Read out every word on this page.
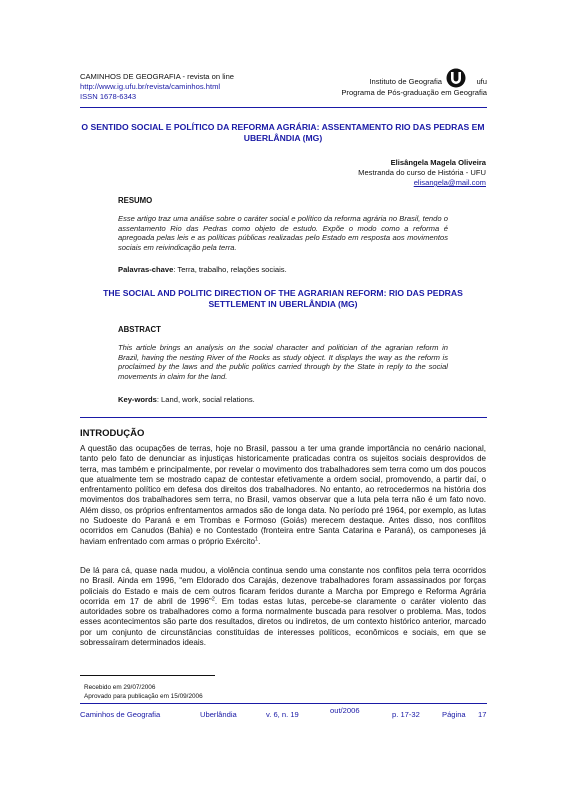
CAMINHOS DE GEOGRAFIA - revista on line
http://www.ig.ufu.br/revista/caminhos.html
ISSN 1678-6343
Instituto de Geografia	ufu
Programa de Pós-graduação em Geografia
O SENTIDO SOCIAL E POLÍTICO DA REFORMA AGRÁRIA: ASSENTAMENTO RIO DAS PEDRAS EM UBERLÂNDIA (MG)
Elisângela Magela Oliveira
Mestranda do curso de História - UFU
elisangela@mail.com
RESUMO
Esse artigo traz uma análise sobre o caráter social e político da reforma agrária no Brasil, tendo o assentamento Rio das Pedras como objeto de estudo. Expõe o modo como a reforma é apregoada pelas leis e as políticas públicas realizadas pelo Estado em resposta aos movimentos sociais em reivindicação pela terra.
Palavras-chave: Terra, trabalho, relações sociais.
THE SOCIAL AND POLITIC DIRECTION OF THE AGRARIAN REFORM: RIO DAS PEDRAS SETTLEMENT IN UBERLÂNDIA (MG)
ABSTRACT
This article brings an analysis on the social character and politician of the agrarian reform in Brazil, having the nesting River of the Rocks as study object. It displays the way as the reform is proclaimed by the laws and the public politics carried through by the State in reply to the social movements in claim for the land.
Key-words: Land, work, social relations.
INTRODUÇÃO
A questão das ocupações de terras, hoje no Brasil, passou a ter uma grande importância no cenário nacional, tanto pelo fato de denunciar as injustiças historicamente praticadas contra os sujeitos sociais desprovidos de terra, mas também e principalmente, por revelar o movimento dos trabalhadores sem terra como um dos poucos que atualmente tem se mostrado capaz de contestar efetivamente a ordem social, promovendo, a partir daí, o enfrentamento político em defesa dos direitos dos trabalhadores. No entanto, ao retrocedermos na história dos movimentos dos trabalhadores sem terra, no Brasil, vamos observar que a luta pela terra não é um fato novo. Além disso, os próprios enfrentamentos armados são de longa data. No período pré 1964, por exemplo, as lutas no Sudoeste do Paraná e em Trombas e Formoso (Goiás) merecem destaque. Antes disso, nos conflitos ocorridos em Canudos (Bahia) e no Contestado (fronteira entre Santa Catarina e Paraná), os camponeses já haviam enfrentado com armas o próprio Exército$^1$.
De lá para cá, quase nada mudou, a violência continua sendo uma constante nos conflitos pela terra ocorridos no Brasil. Ainda em 1996, “em Eldorado dos Carajás, dezenove trabalhadores foram assassinados por forças policiais do Estado e mais de cem outros ficaram feridos durante a Marcha por Emprego e Reforma Agrária ocorrida em 17 de abril de 1996”$^2$. Em todas estas lutas, percebe-se claramente o caráter violento das autoridades sobre os trabalhadores como a forma normalmente buscada para resolver o problema. Mas, todos esses acontecimentos são parte dos resultados, diretos ou indiretos, de um contexto histórico anterior, marcado por um conjunto de circunstâncias constituídas de interesses políticos, econômicos e sociais, em que se sobressaíram determinados ideais.
Recebido em 29/07/2006
Aprovado para publicação em 15/09/2006
Caminhos de Geografia	Uberlândia	v. 6, n. 19	out/2006	p. 17-32	Página 17
